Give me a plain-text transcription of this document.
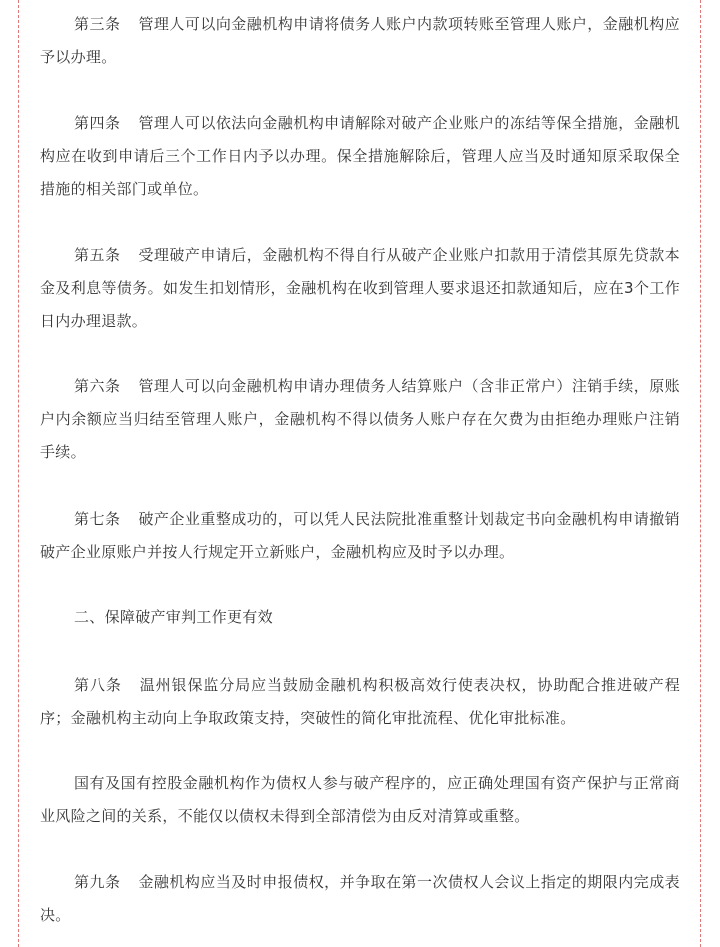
第三条 管理人可以向金融机构申请将债务人账户内款项转账至管理人账户，金融机构应予以办理。

第四条 管理人可以依法向金融机构申请解除对破产企业账户的冻结等保全措施，金融机构应在收到申请后三个工作日内予以办理。保全措施解除后，管理人应当及时通知原采取保全措施的相关部门或单位。

第五条 受理破产申请后，金融机构不得自行从破产企业账户扣款用于清偿其原先贷款本金及利息等债务。如发生扣划情形，金融机构在收到管理人要求退还扣款通知后，应在3个工作日内办理退款。

第六条 管理人可以向金融机构申请办理债务人结算账户（含非正常户）注销手续，原账户内余额应当归结至管理人账户，金融机构不得以债务人账户存在欠费为由拒绝办理账户注销手续。

第七条 破产企业重整成功的，可以凭人民法院批准重整计划裁定书向金融机构申请撤销破产企业原账户并按人行规定开立新账户，金融机构应及时予以办理。

二、保障破产审判工作更有效

第八条 温州银保监分局应当鼓励金融机构积极高效行使表决权，协助配合推进破产程序；金融机构主动向上争取政策支持，突破性的简化审批流程、优化审批标准。

国有及国有控股金融机构作为债权人参与破产程序的，应正确处理国有资产保护与正常商业风险之间的关系，不能仅以债权未得到全部清偿为由反对清算或重整。

第九条 金融机构应当及时申报债权，并争取在第一次债权人会议上指定的期限内完成表决。
